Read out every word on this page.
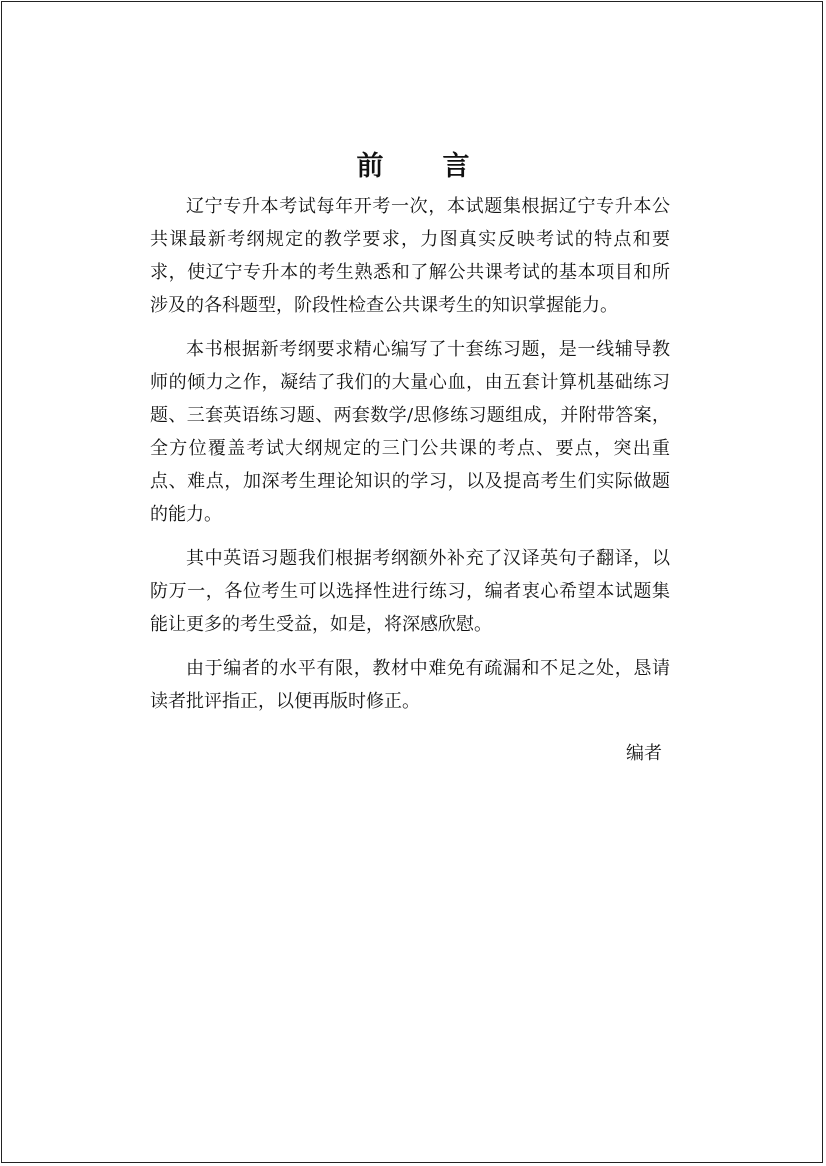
前　言

辽宁专升本考试每年开考一次，本试题集根据辽宁专升本公共课最新考纲规定的教学要求，力图真实反映考试的特点和要求，使辽宁专升本的考生熟悉和了解公共课考试的基本项目和所涉及的各科题型，阶段性检查公共课考生的知识掌握能力。

本书根据新考纲要求精心编写了十套练习题，是一线辅导教师的倾力之作，凝结了我们的大量心血，由五套计算机基础练习题、三套英语练习题、两套数学/思修练习题组成，并附带答案，全方位覆盖考试大纲规定的三门公共课的考点、要点，突出重点、难点，加深考生理论知识的学习，以及提高考生们实际做题的能力。

其中英语习题我们根据考纲额外补充了汉译英句子翻译，以防万一，各位考生可以选择性进行练习，编者衷心希望本试题集能让更多的考生受益，如是，将深感欣慰。

由于编者的水平有限，教材中难免有疏漏和不足之处，恳请读者批评指正，以便再版时修正。

编者
